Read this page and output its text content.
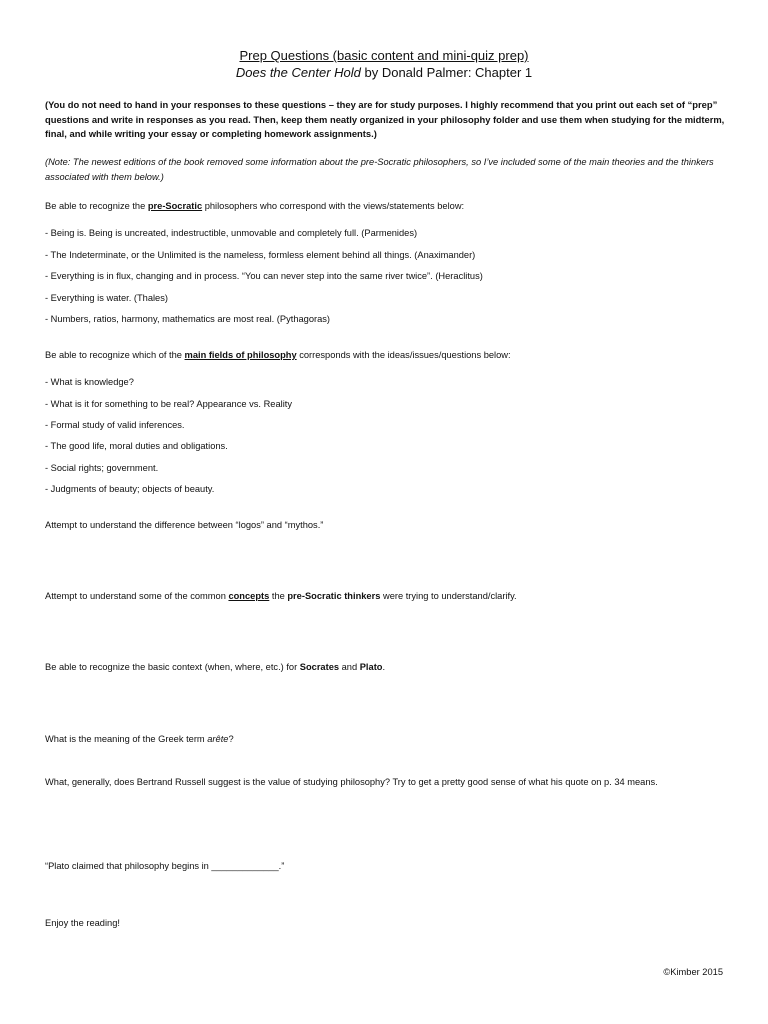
Prep Questions (basic content and mini-quiz prep)
Does the Center Hold by Donald Palmer: Chapter 1

(You do not need to hand in your responses to these questions – they are for study purposes. I highly recommend that you print out each set of “prep” questions and write in responses as you read. Then, keep them neatly organized in your philosophy folder and use them when studying for the midterm, final, and while writing your essay or completing homework assignments.)

(Note: The newest editions of the book removed some information about the pre-Socratic philosophers, so I’ve included some of the main theories and the thinkers associated with them below.)

Be able to recognize the pre-Socratic philosophers who correspond with the views/statements below:

- Being is. Being is uncreated, indestructible, unmovable and completely full. (Parmenides)

- The Indeterminate, or the Unlimited is the nameless, formless element behind all things. (Anaximander)

- Everything is in flux, changing and in process. “You can never step into the same river twice”. (Heraclitus)

- Everything is water. (Thales)

- Numbers, ratios, harmony, mathematics are most real. (Pythagoras)

Be able to recognize which of the main fields of philosophy corresponds with the ideas/issues/questions below:

- What is knowledge?

- What is it for something to be real? Appearance vs. Reality

- Formal study of valid inferences.

- The good life, moral duties and obligations.

- Social rights; government.

- Judgments of beauty; objects of beauty.

Attempt to understand the difference between “logos” and “mythos.”

Attempt to understand some of the common concepts the pre-Socratic thinkers were trying to understand/clarify.

Be able to recognize the basic context (when, where, etc.) for Socrates and Plato.

What is the meaning of the Greek term arête?

What, generally, does Bertrand Russell suggest is the value of studying philosophy? Try to get a pretty good sense of what his quote on p. 34 means.

“Plato claimed that philosophy begins in _____________.”

Enjoy the reading!

©Kimber 2015
